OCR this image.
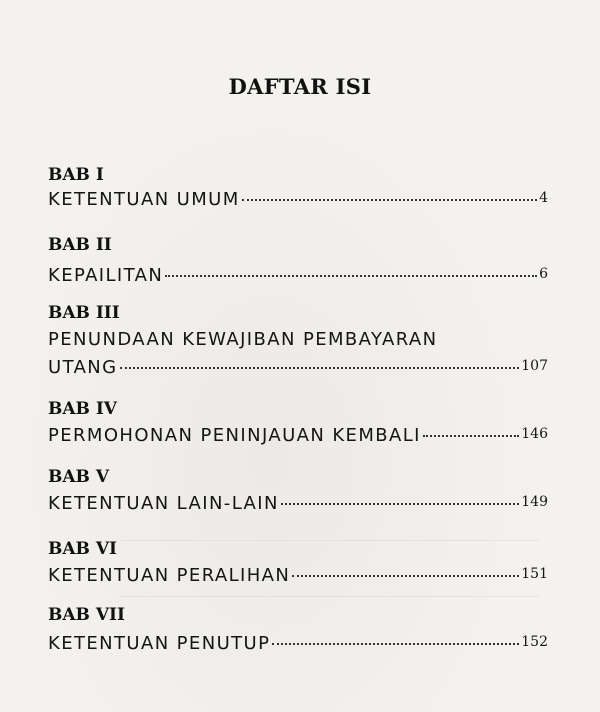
DAFTAR ISI
BAB I
KETENTUAN UMUM	4
BAB II
KEPAILITAN	6
BAB III
PENUNDAAN KEWAJIBAN PEMBAYARAN
UTANG	107
BAB IV
PERMOHONAN PENINJAUAN KEMBALI	146
BAB V
KETENTUAN LAIN-LAIN	149
BAB VI
KETENTUAN PERALIHAN	151
BAB VII
KETENTUAN PENUTUP	152
